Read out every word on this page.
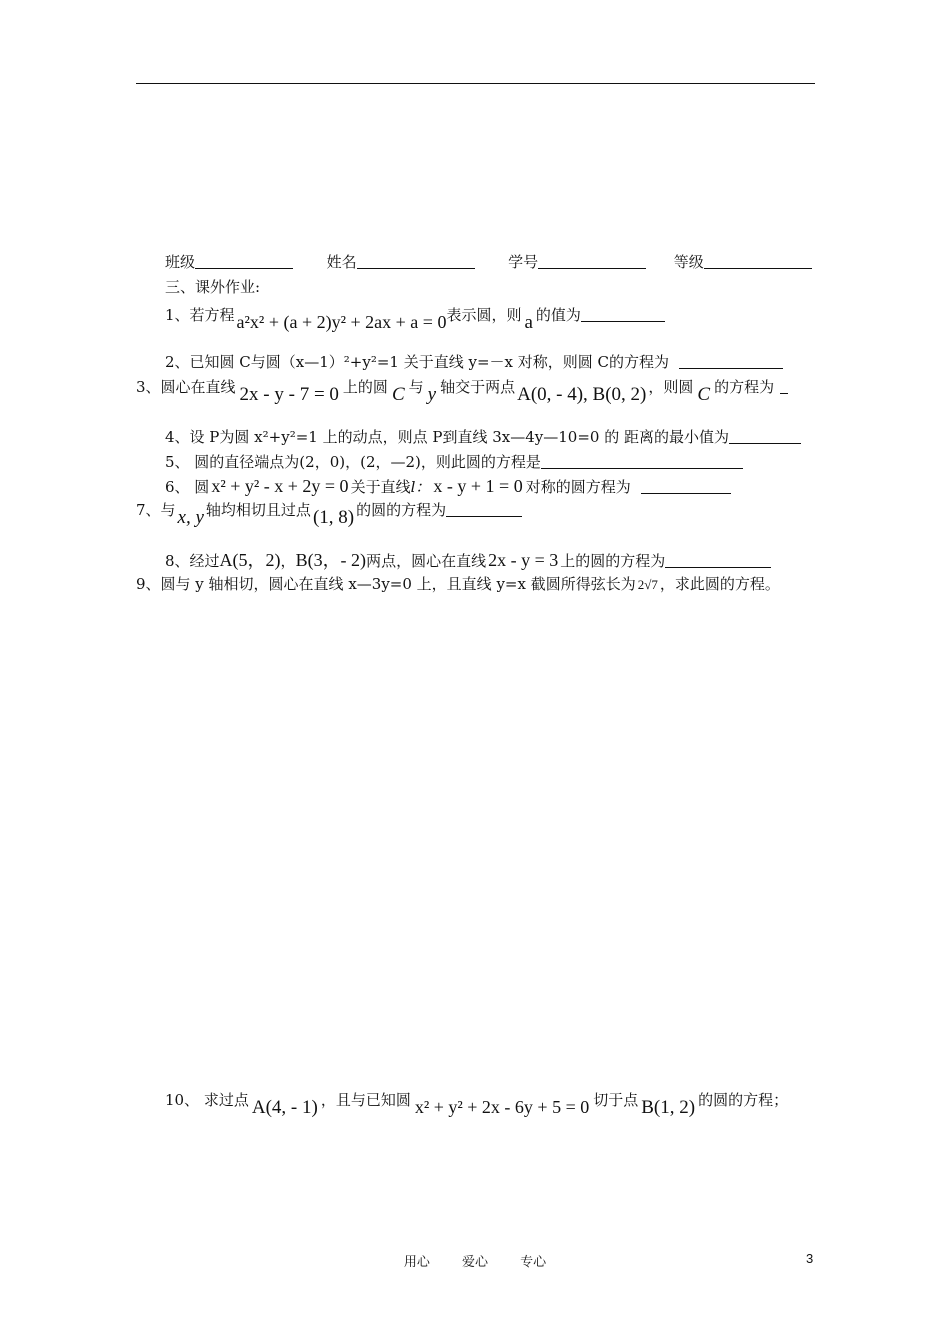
班级	姓名	学号	等级
三、课外作业:
1、若方程 a²x² + (a + 2)y² + 2ax + a = 0表示圆，则 a 的值为
2、已知圆 C与圆（x—1）²+y²=1 关于直线 y=－x 对称，则圆 C的方程为
3、圆心在直线 2x - y - 7 = 0 上的圆 C 与 y 轴交于两点 A(0, - 4), B(0, 2) ，则圆 C 的方程为
4、设 P为圆 x²+y²=1 上的动点，则点 P到直线 3x—4y—10=0 的 距离的最小值为
5、 圆的直径端点为(2，0)，(2，—2)，则此圆的方程是
6、 圆 x² + y² - x + 2y = 0 关于直线l： x - y + 1 = 0 对称的圆方程为
7、与 x, y 轴均相切且过点 (1, 8) 的圆的方程为
8、经过A(5，2)，B(3，- 2)两点，圆心在直线 2x - y = 3 上的圆的方程为
9、圆与 y 轴相切，圆心在直线 x—3y=0 上，且直线 y=x 截圆所得弦长为 2√7 ，求此圆的方程。
10、 求过点 A(4, - 1) ，且与已知圆 x² + y² + 2x - 6y + 5 = 0 切于点 B(1, 2) 的圆的方程；
用心 爱心 专心	3
